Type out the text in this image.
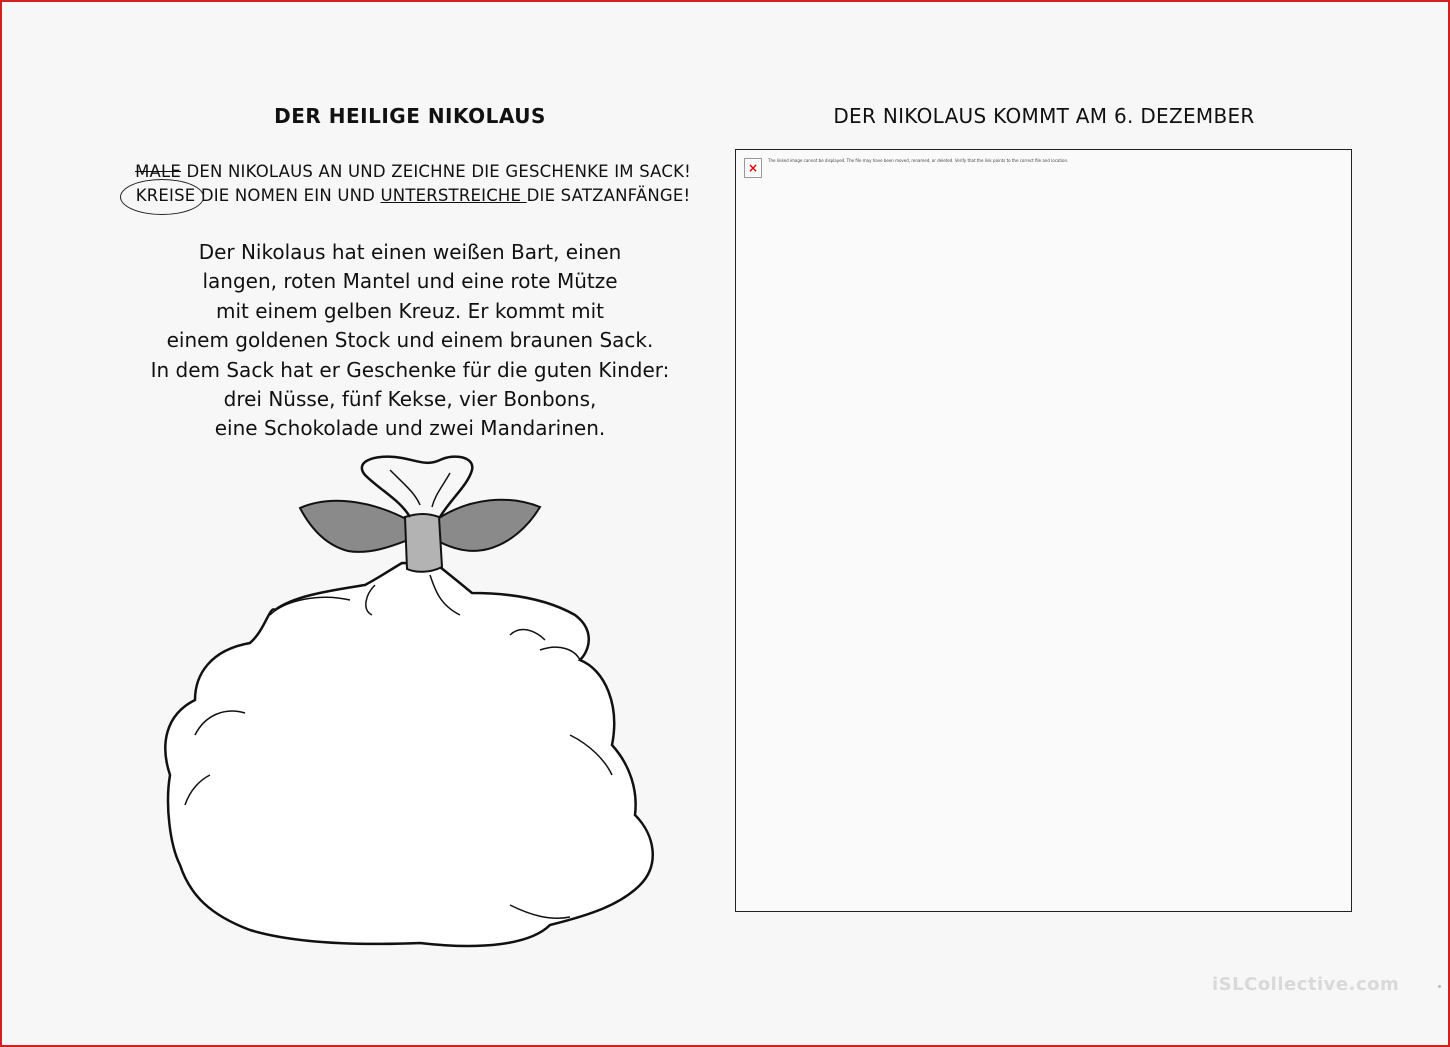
DER HEILIGE NIKOLAUS	DER NIKOLAUS KOMMT AM 6. DEZEMBER
MALE DEN NIKOLAUS AN UND ZEICHNE DIE GESCHENKE IM SACK!
KREISE DIE NOMEN EIN UND UNTERSTREICHE DIE SATZANFÄNGE!
Der Nikolaus hat einen weißen Bart, einen
langen, roten Mantel und eine rote Mütze
mit einem gelben Kreuz. Er kommt mit
einem goldenen Stock und einem braunen Sack.
In dem Sack hat er Geschenke für die guten Kinder:
drei Nüsse, fünf Kekse, vier Bonbons,
eine Schokolade und zwei Mandarinen.
×
The linked image cannot be displayed. The file may have been moved, renamed, or deleted. Verify that the link points to the correct file and location.
iSLCollective.com
